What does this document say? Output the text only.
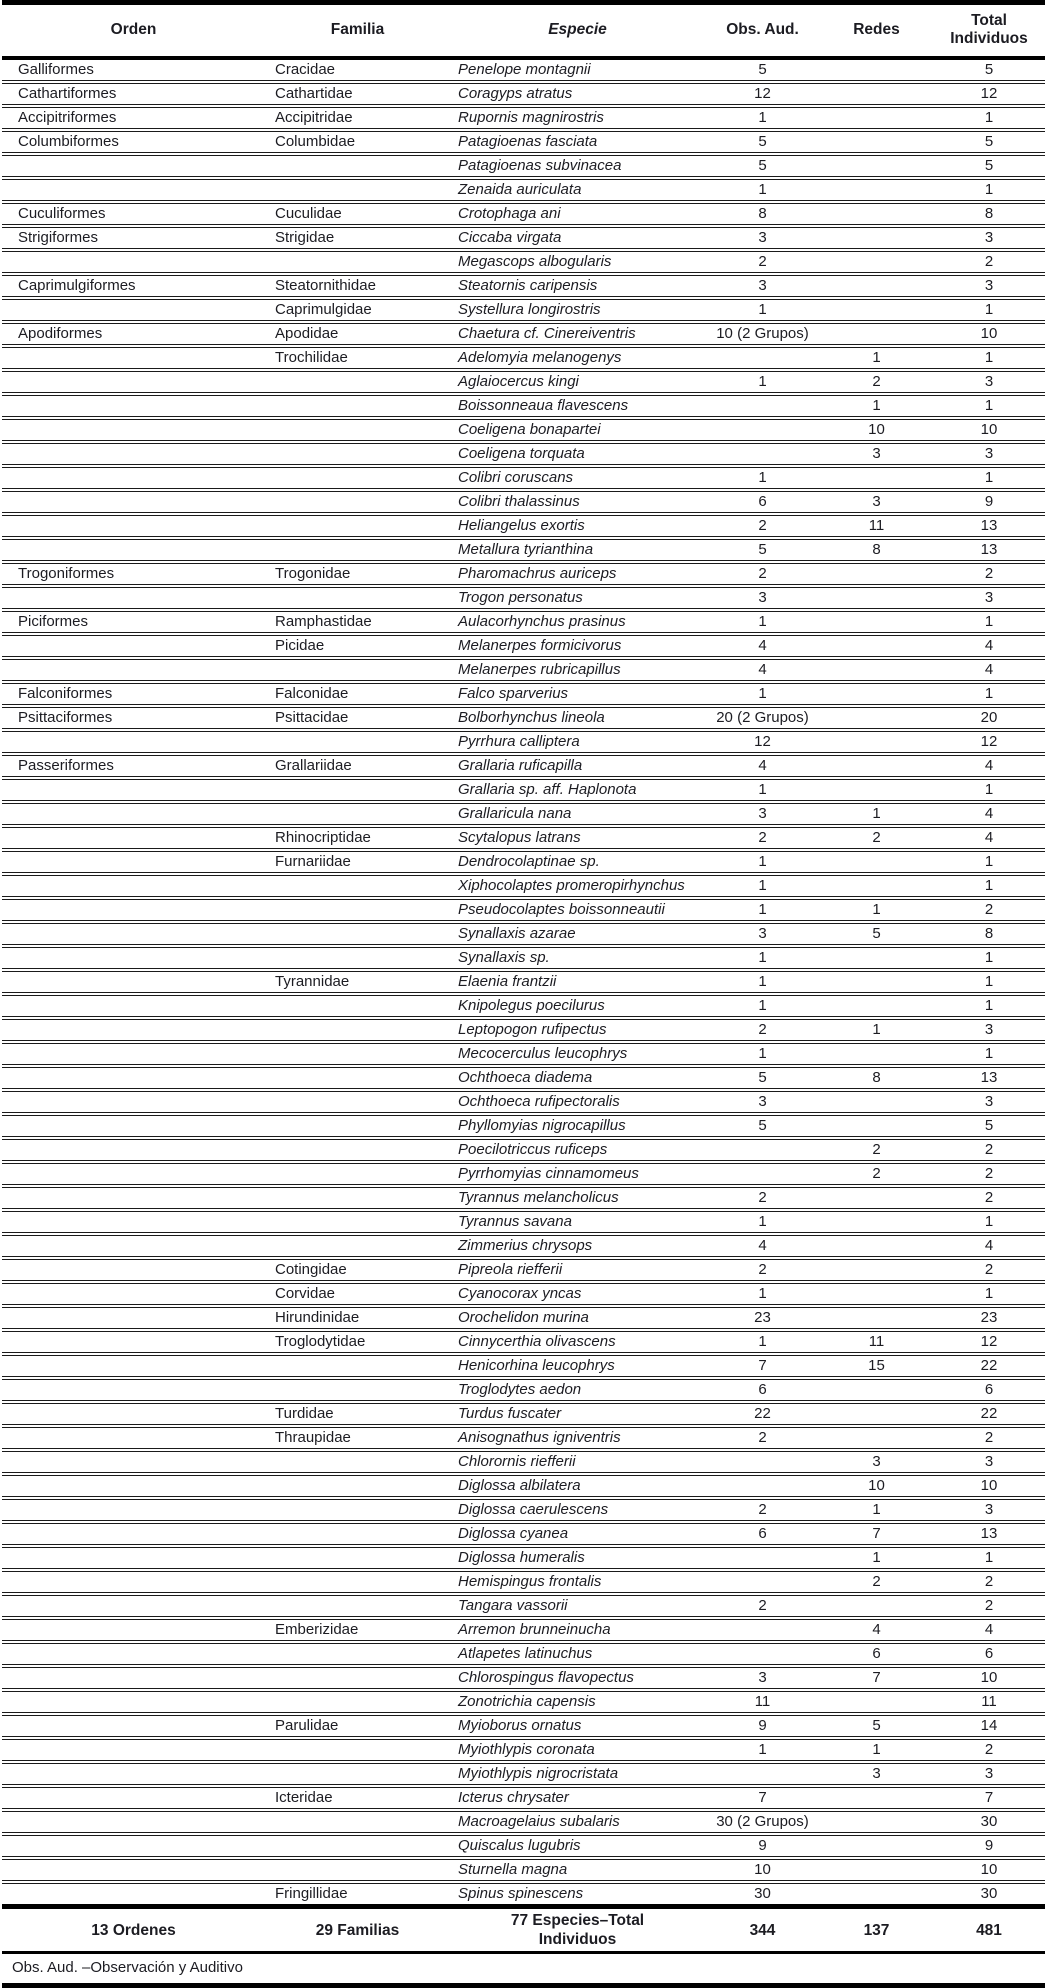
Orden	Familia	Especie	Obs. Aud.	Redes	Total Individuos
Galliformes	Cracidae	Penelope montagnii	5		5
Cathartiformes	Cathartidae	Coragyps atratus	12		12
Accipitriformes	Accipitridae	Rupornis magnirostris	1		1
Columbiformes	Columbidae	Patagioenas fasciata	5		5
		Patagioenas subvinacea	5		5
		Zenaida auriculata	1		1
Cuculiformes	Cuculidae	Crotophaga ani	8		8
Strigiformes	Strigidae	Ciccaba virgata	3		3
		Megascops albogularis	2		2
Caprimulgiformes	Steatornithidae	Steatornis caripensis	3		3
	Caprimulgidae	Systellura longirostris	1		1
Apodiformes	Apodidae	Chaetura cf. Cinereiventris	10 (2 Grupos)		10
	Trochilidae	Adelomyia melanogenys		1	1
		Aglaiocercus kingi	1	2	3
		Boissonneaua flavescens		1	1
		Coeligena bonapartei		10	10
		Coeligena torquata		3	3
		Colibri coruscans	1		1
		Colibri thalassinus	6	3	9
		Heliangelus exortis	2	11	13
		Metallura tyrianthina	5	8	13
Trogoniformes	Trogonidae	Pharomachrus auriceps	2		2
		Trogon personatus	3		3
Piciformes	Ramphastidae	Aulacorhynchus prasinus	1		1
	Picidae	Melanerpes formicivorus	4		4
		Melanerpes rubricapillus	4		4
Falconiformes	Falconidae	Falco sparverius	1		1
Psittaciformes	Psittacidae	Bolborhynchus lineola	20 (2 Grupos)		20
		Pyrrhura calliptera	12		12
Passeriformes	Grallariidae	Grallaria ruficapilla	4		4
		Grallaria sp. aff. Haplonota	1		1
		Grallaricula nana	3	1	4
	Rhinocriptidae	Scytalopus latrans	2	2	4
	Furnariidae	Dendrocolaptinae sp.	1		1
		Xiphocolaptes promeropirhynchus	1		1
		Pseudocolaptes boissonneautii	1	1	2
		Synallaxis azarae	3	5	8
		Synallaxis sp.	1		1
	Tyrannidae	Elaenia frantzii	1		1
		Knipolegus poecilurus	1		1
		Leptopogon rufipectus	2	1	3
		Mecocerculus leucophrys	1		1
		Ochthoeca diadema	5	8	13
		Ochthoeca rufipectoralis	3		3
		Phyllomyias nigrocapillus	5		5
		Poecilotriccus ruficeps		2	2
		Pyrrhomyias cinnamomeus		2	2
		Tyrannus melancholicus	2		2
		Tyrannus savana	1		1
		Zimmerius chrysops	4		4
	Cotingidae	Pipreola riefferii	2		2
	Corvidae	Cyanocorax yncas	1		1
	Hirundinidae	Orochelidon murina	23		23
	Troglodytidae	Cinnycerthia olivascens	1	11	12
		Henicorhina leucophrys	7	15	22
		Troglodytes aedon	6		6
	Turdidae	Turdus fuscater	22		22
	Thraupidae	Anisognathus igniventris	2		2
		Chlorornis riefferii		3	3
		Diglossa albilatera		10	10
		Diglossa caerulescens	2	1	3
		Diglossa cyanea	6	7	13
		Diglossa humeralis		1	1
		Hemispingus frontalis		2	2
		Tangara vassorii	2		2
	Emberizidae	Arremon brunneinucha		4	4
		Atlapetes latinuchus		6	6
		Chlorospingus flavopectus	3	7	10
		Zonotrichia capensis	11		11
	Parulidae	Myioborus ornatus	9	5	14
		Myiothlypis coronata	1	1	2
		Myiothlypis nigrocristata		3	3
	Icteridae	Icterus chrysater	7		7
		Macroagelaius subalaris	30 (2 Grupos)		30
		Quiscalus lugubris	9		9
		Sturnella magna	10		10
	Fringillidae	Spinus spinescens	30		30
13 Ordenes	29 Familias	77 Especies–Total Individuos	344	137	481
Obs. Aud. –Observación y Auditivo
